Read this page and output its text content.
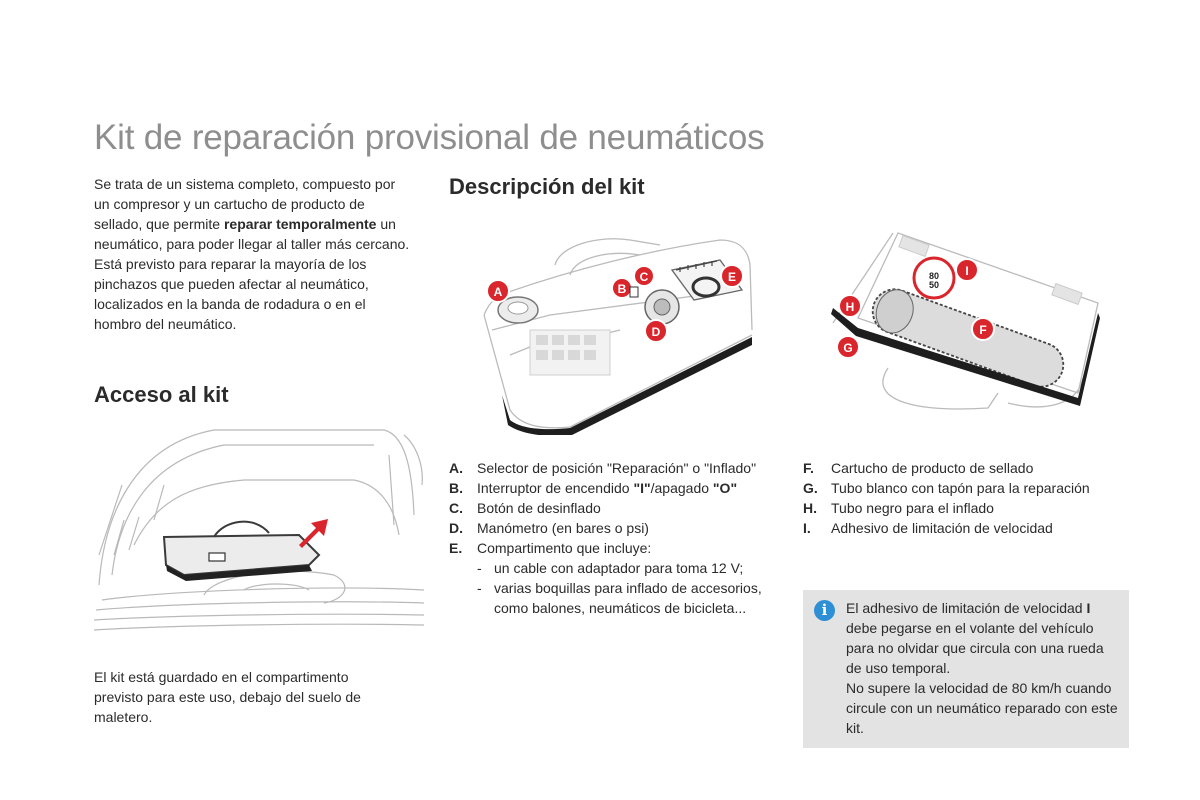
Kit de reparación provisional de neumáticos
Se trata de un sistema completo, compuesto por un compresor y un cartucho de producto de sellado, que permite reparar temporalmente un neumático, para poder llegar al taller más cercano.
Está previsto para reparar la mayoría de los pinchazos que pueden afectar al neumático, localizados en la banda de rodadura o en el hombro del neumático.
Acceso al kit
El kit está guardado en el compartimento previsto para este uso, debajo del suelo de maletero.
Descripción del kit
A	B
C
D
E	80
50
I
H
G
F
A. Selector de posición "Reparación" o "Inflado"
B. Interruptor de encendido "I"/apagado "O"
C. Botón de desinflado
D. Manómetro (en bares o psi)
E. Compartimento que incluye:
- un cable con adaptador para toma 12 V;
- varias boquillas para inflado de accesorios, como balones, neumáticos de bicicleta...
F. Cartucho de producto de sellado
G. Tubo blanco con tapón para la reparación
H. Tubo negro para el inflado
I. Adhesivo de limitación de velocidad
i	El adhesivo de limitación de velocidad I debe pegarse en el volante del vehículo para no olvidar que circula con una rueda de uso temporal.
No supere la velocidad de 80 km/h cuando circule con un neumático reparado con este kit.
